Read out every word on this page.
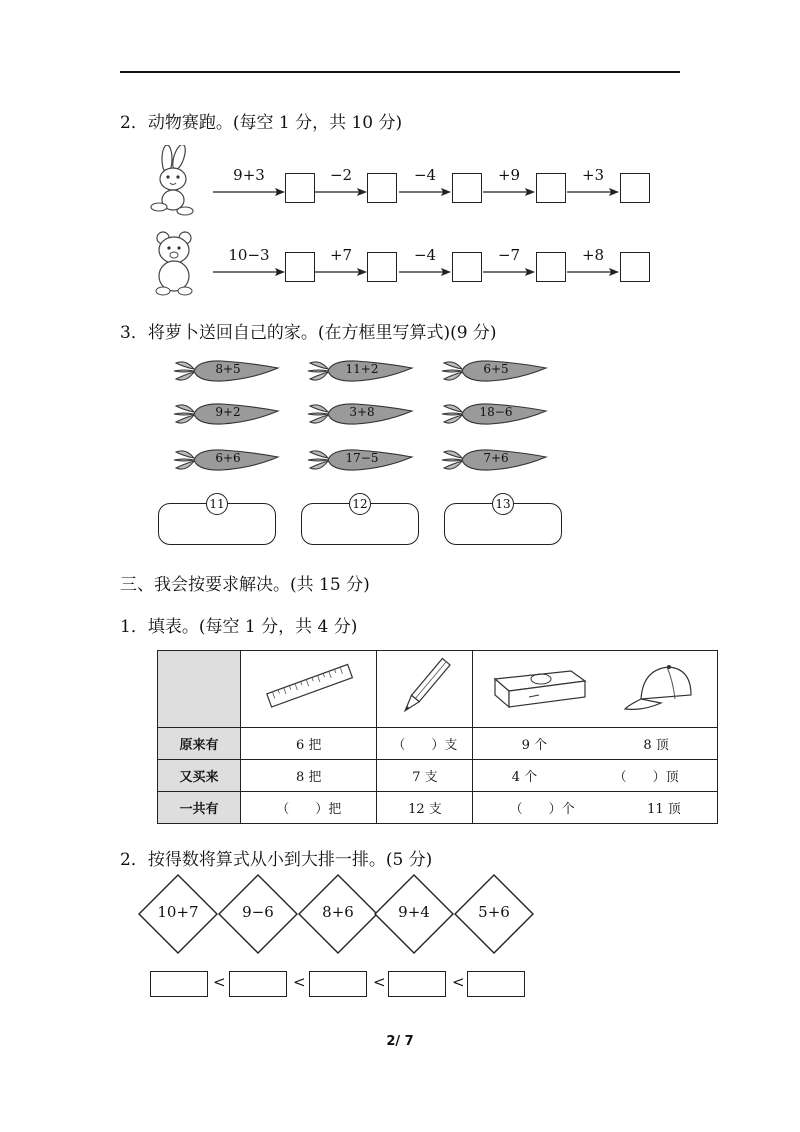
2．动物赛跑。(每空 1 分，共 10 分)
9+3	−2	−4	+9	+3
10−3	+7	−4	−7	+8
3．将萝卜送回自己的家。(在方框里写算式)(9 分)
8+5	11+2	6+5
9+2	3+8	18−6
6+6	17−5	7+6
11	12	13
三、我会按要求解决。(共 15 分)
1．填表。(每空 1 分，共 4 分)

原来有	6 把	（　　）支	9 个 8 顶

又买来	8 把	7 支	4 个 （　　）顶

一共有	（　　）把	12 支	（　　）个 11 顶
2．按得数将算式从小到大排一排。(5 分)
10+7	9−6	8+6	9+4	5+6
<	<	<	<
2/ 7
